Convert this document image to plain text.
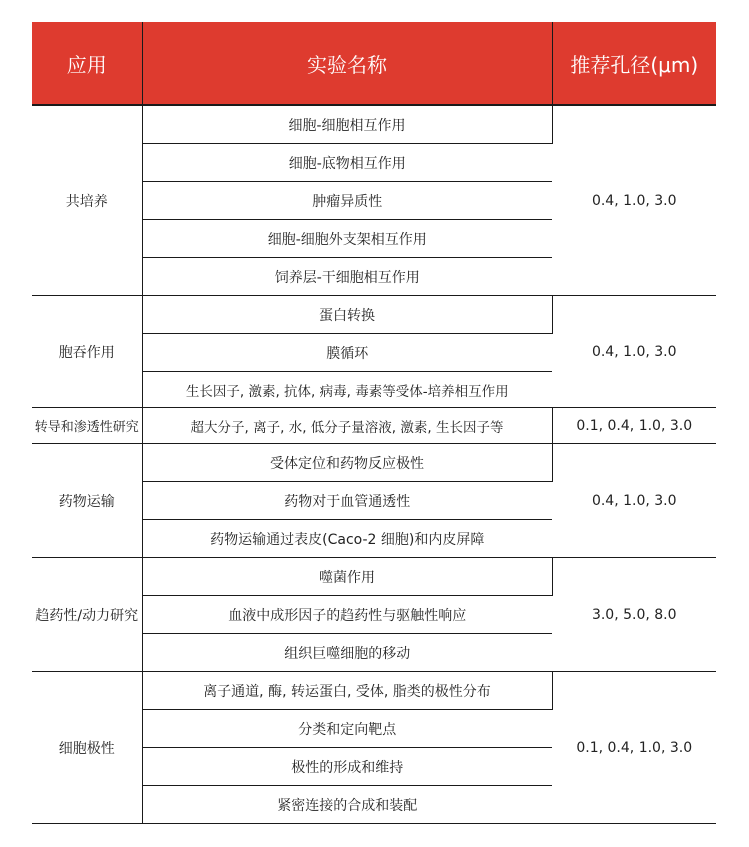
应用	实验名称	推荐孔径(μm)
共培养	细胞-细胞相互作用	0.4, 1.0, 3.0
	细胞-底物相互作用	
	肿瘤异质性	
	细胞-细胞外支架相互作用	
	饲养层-干细胞相互作用	
胞吞作用	蛋白转换	0.4, 1.0, 3.0
	膜循环	
	生长因子, 激素, 抗体, 病毒, 毒素等受体-培养相互作用	
转导和渗透性研究	超大分子, 离子, 水, 低分子量溶液, 激素, 生长因子等	0.1, 0.4, 1.0, 3.0
药物运输	受体定位和药物反应极性	0.4, 1.0, 3.0
	药物对于血管通透性	
	药物运输通过表皮(Caco-2 细胞)和内皮屏障	
趋药性/动力研究	噬菌作用	3.0, 5.0, 8.0
	血液中成形因子的趋药性与驱触性响应	
	组织巨噬细胞的移动	
细胞极性	离子通道, 酶, 转运蛋白, 受体, 脂类的极性分布	0.1, 0.4, 1.0, 3.0
	分类和定向靶点	
	极性的形成和维持	
	紧密连接的合成和装配	
